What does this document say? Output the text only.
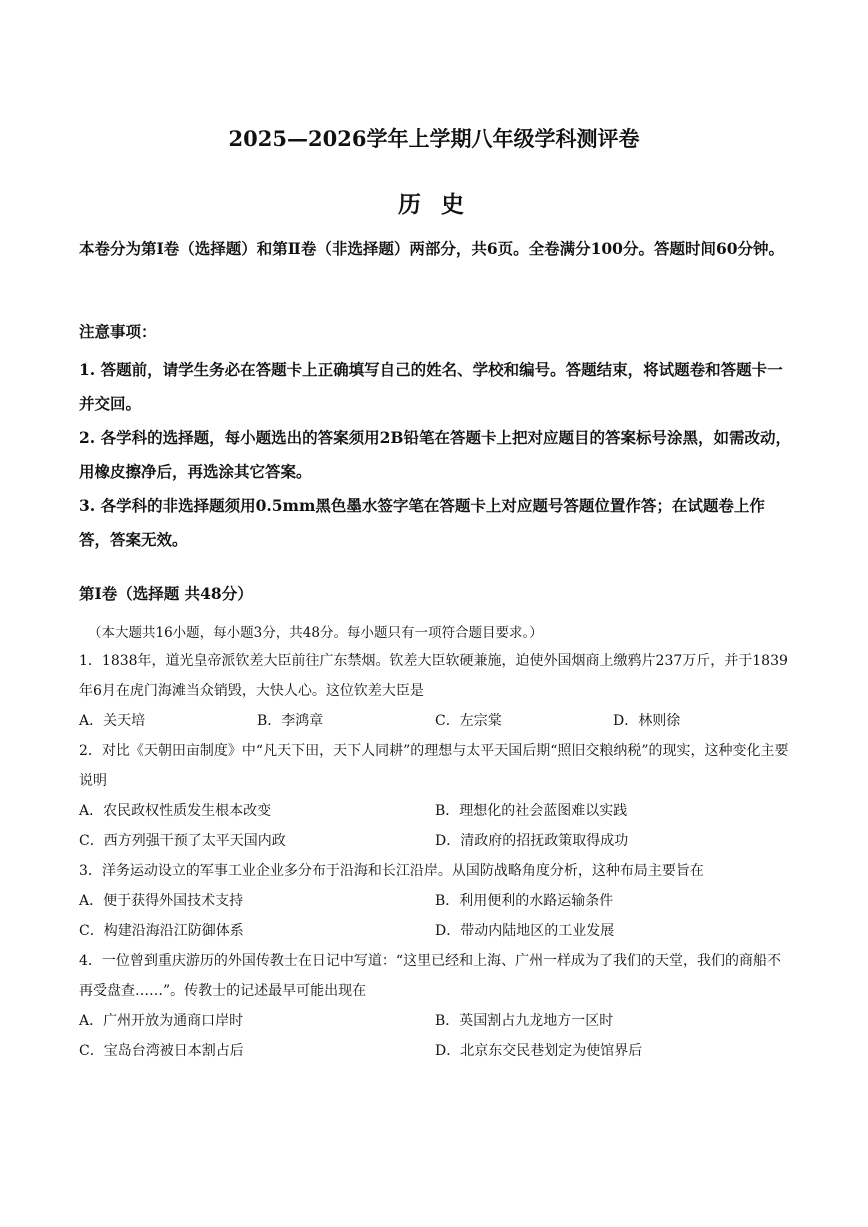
2025—2026学年上学期八年级学科测评卷
历 史

本卷分为第Ⅰ卷（选择题）和第Ⅱ卷（非选择题）两部分，共6页。全卷满分100分。答题时间60分钟。

注意事项：

1. 答题前，请学生务必在答题卡上正确填写自己的姓名、学校和编号。答题结束，将试题卷和答题卡一并交回。

2. 各学科的选择题，每小题选出的答案须用2B铅笔在答题卡上把对应题目的答案标号涂黑，如需改动，用橡皮擦净后，再选涂其它答案。

3. 各学科的非选择题须用0.5mm黑色墨水签字笔在答题卡上对应题号答题位置作答；在试题卷上作答，答案无效。

第Ⅰ卷（选择题 共48分）

（本大题共16小题，每小题3分，共48分。每小题只有一项符合题目要求。）

1．1838年，道光皇帝派钦差大臣前往广东禁烟。钦差大臣软硬兼施，迫使外国烟商上缴鸦片237万斤，并于1839年6月在虎门海滩当众销毁，大快人心。这位钦差大臣是

A．关天培	B．李鸿章	C．左宗棠	D．林则徐

2．对比《天朝田亩制度》中“凡天下田，天下人同耕”的理想与太平天国后期“照旧交粮纳税”的现实，这种变化主要说明

A．农民政权性质发生根本改变	B．理想化的社会蓝图难以实践
C．西方列强干预了太平天国内政	D．清政府的招抚政策取得成功

3．洋务运动设立的军事工业企业多分布于沿海和长江沿岸。从国防战略角度分析，这种布局主要旨在

A．便于获得外国技术支持	B．利用便利的水路运输条件
C．构建沿海沿江防御体系	D．带动内陆地区的工业发展

4．一位曾到重庆游历的外国传教士在日记中写道：“这里已经和上海、广州一样成为了我们的天堂，我们的商船不再受盘查……”。传教士的记述最早可能出现在

A．广州开放为通商口岸时	B．英国割占九龙地方一区时
C．宝岛台湾被日本割占后	D．北京东交民巷划定为使馆界后
